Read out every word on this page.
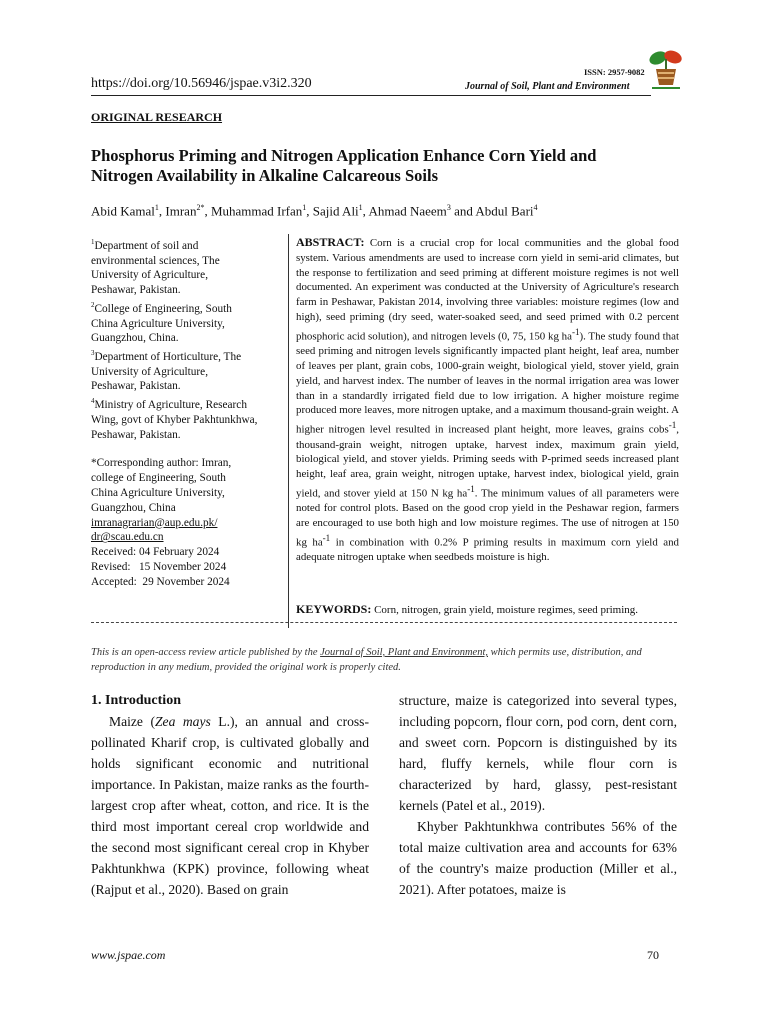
https://doi.org/10.56946/jspae.v3i2.320
ISSN: 2957-9082
Journal of Soil, Plant and Environment
ORIGINAL RESEARCH
Phosphorus Priming and Nitrogen Application Enhance Corn Yield and
Nitrogen Availability in Alkaline Calcareous Soils
Abid Kamal$^1$, Imran$^{2*}$, Muhammad Irfan$^1$, Sajid Ali$^1$, Ahmad Naeem$^3$ and Abdul Bari$^4$
$^1$Department of soil and
environmental sciences, The
University of Agriculture,
Peshawar, Pakistan.
$^2$College of Engineering, South
China Agriculture University,
Guangzhou, China.
$^3$Department of Horticulture, The
University of Agriculture,
Peshawar, Pakistan.
$^4$Ministry of Agriculture, Research
Wing, govt of Khyber Pakhtunkhwa,
Peshawar, Pakistan.
*Corresponding author: Imran,
college of Engineering, South
China Agriculture University,
Guangzhou, China
imranagrarian@aup.edu.pk/
dr@scau.edu.cn
Received: 04 February 2024
Revised:   15 November 2024
Accepted:  29 November 2024

ABSTRACT: Corn is a crucial crop for local communities and the global food system. Various amendments are used to increase corn yield in semi-arid climates, but the response to fertilization and seed priming at different moisture regimes is not well documented. An experiment was conducted at the University of Agriculture's research farm in Peshawar, Pakistan 2014, involving three variables: moisture regimes (low and high), seed priming (dry seed, water-soaked seed, and seed primed with 0.2 percent phosphoric acid solution), and nitrogen levels (0, 75, 150 kg $ha^{-1}$). The study found that seed priming and nitrogen levels significantly impacted plant height, leaf area, number of leaves per plant, grain cobs, 1000-grain weight, biological yield, stover yield, grain yield, and harvest index. The number of leaves in the normal irrigation area was lower than in a standardly irrigated field due to low irrigation. A higher moisture regime produced more leaves, more nitrogen uptake, and a maximum thousand-grain weight. A higher nitrogen level resulted in increased plant height, more leaves, grains cobs$^{-1}$, thousand-grain weight, nitrogen uptake, harvest index, maximum grain yield, biological yield, and stover yields. Priming seeds with P-primed seeds increased plant height, leaf area, grain weight, nitrogen uptake, harvest index, biological yield, grain yield, and stover yield at 150 N kg $ha^{-1}$. The minimum values of all parameters were noted for control plots. Based on the good crop yield in the Peshawar region, farmers are encouraged to use both high and low moisture regimes. The use of nitrogen at 150 kg $ha^{-1}$ in combination with 0.2% P priming results in maximum corn yield and adequate nitrogen uptake when seedbeds moisture is high.

KEYWORDS: Corn, nitrogen, grain yield, moisture regimes, seed priming.
This is an open-access review article published by the Journal of Soil, Plant and Environment, which permits use, distribution, and reproduction in any medium, provided the original work is properly cited.
1. Introduction

Maize (Zea mays L.), an annual and cross-pollinated Kharif crop, is cultivated globally and holds significant economic and nutritional importance. In Pakistan, maize ranks as the fourth-largest crop after wheat, cotton, and rice. It is the third most important cereal crop worldwide and the second most significant cereal crop in Khyber Pakhtunkhwa (KPK) province, following wheat (Rajput et al., 2020). Based on grain

structure, maize is categorized into several types, including popcorn, flour corn, pod corn, dent corn, and sweet corn. Popcorn is distinguished by its hard, fluffy kernels, while flour corn is characterized by hard, glassy, pest-resistant kernels (Patel et al., 2019).

Khyber Pakhtunkhwa contributes 56% of the total maize cultivation area and accounts for 63% of the country's maize production (Miller et al., 2021). After potatoes, maize is

www.jspae.com	70
